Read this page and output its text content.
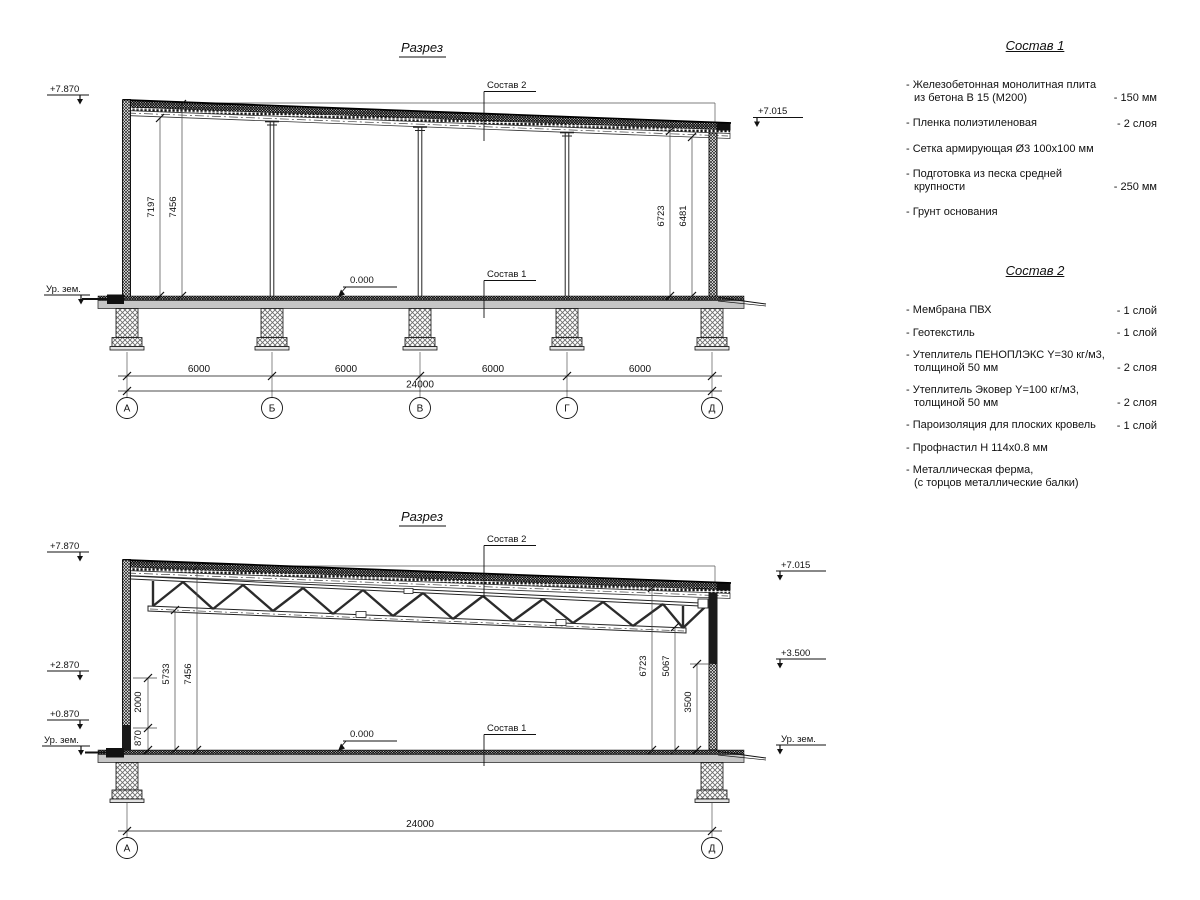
Разрез
+7.870
Ур. зем.
+7.015
0.000
Состав 2
Состав 1
7197 7456	6723 6481
6000	6000	6000	6000
24000
А	Б	В	Г	Д
Разрез
+7.870
+2.870
+0.870
Ур. зем.
+7.015
+3.500
Ур. зем.
0.000
Состав 2
Состав 1
2000
870
5733 7456	6723 5067
3500
24000
А	Д
Состав 1
- Железобетонная монолитная плита
из бетона В 15 (М200)	- 150 мм
- Пленка полиэтиленовая	- 2 слоя
- Сетка армирующая Ø3 100х100 мм
- Подготовка из песка средней
крупности	- 250 мм
- Грунт основания
Состав 2
- Мембрана ПВХ	- 1 слой
- Геотекстиль	- 1 слой
- Утеплитель ПЕНОПЛЭКС Y=30 кг/м3,
толщиной 50 мм	- 2 слоя
- Утеплитель Эковер Y=100 кг/м3,
толщиной 50 мм	- 2 слоя
- Пароизоляция для плоских кровель	- 1 слой
- Профнастил Н 114х0.8 мм
- Металлическая ферма,
(с торцов металлические балки)
